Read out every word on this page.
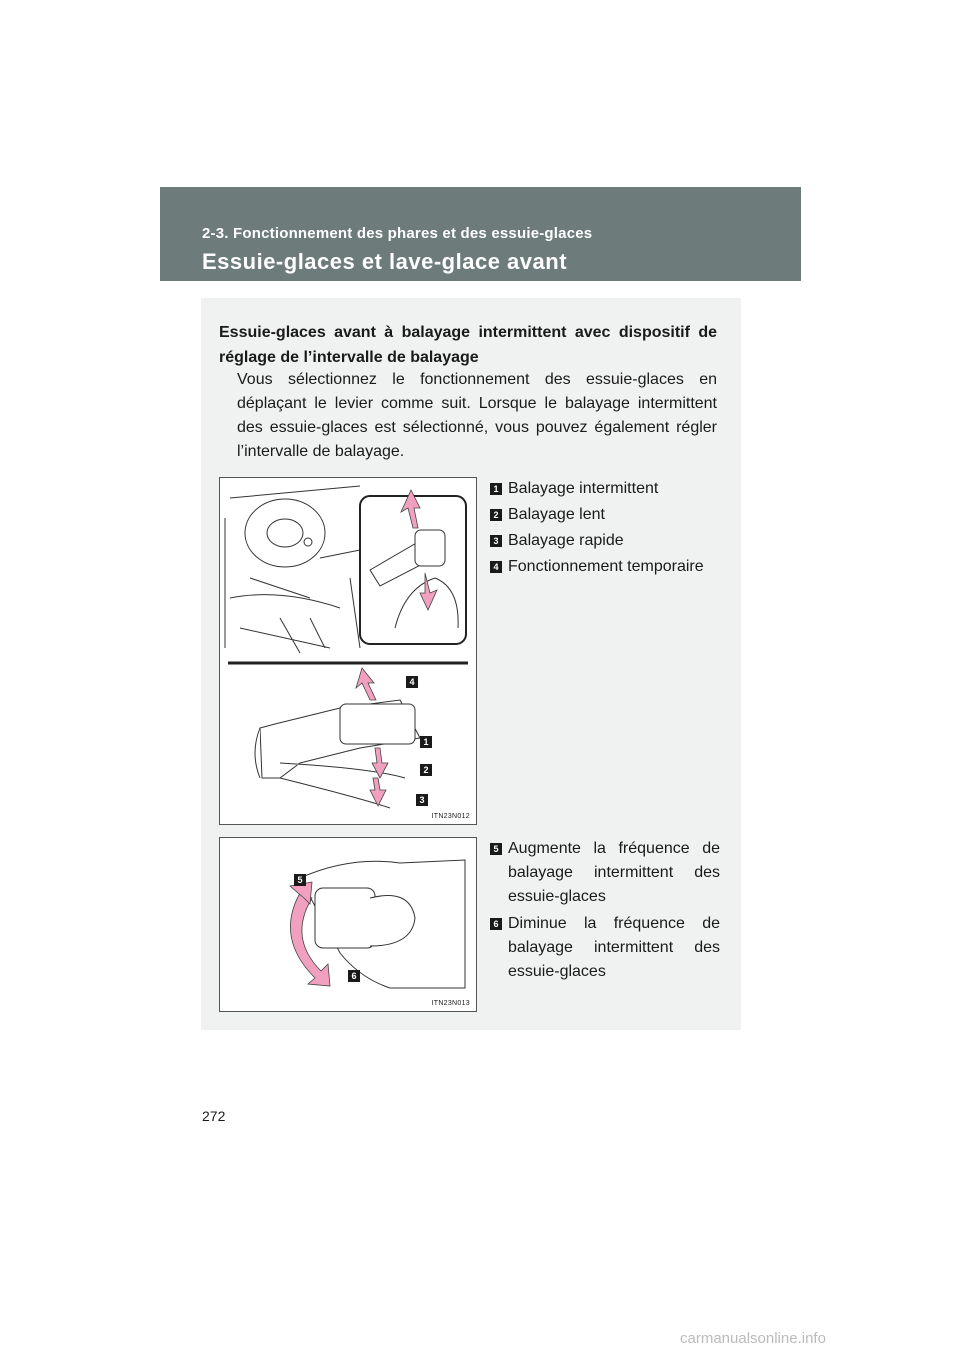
2-3. Fonctionnement des phares et des essuie-glaces
Essuie-glaces et lave-glace avant
Essuie-glaces avant à balayage intermittent avec dispositif de réglage de l’intervalle de balayage
Vous sélectionnez le fonctionnement des essuie-glaces en déplaçant le levier comme suit. Lorsque le balayage intermittent des essuie-glaces est sélectionné, vous pouvez également régler l’intervalle de balayage.
4
1
2
3
ITN23N012
1 Balayage intermittent
2 Balayage lent
3 Balayage rapide
4 Fonctionnement temporaire
5
6
ITN23N013
5 Augmente la fréquence de balayage intermittent des essuie-glaces
6 Diminue la fréquence de balayage intermittent des essuie-glaces
272
carmanualsonline.info
